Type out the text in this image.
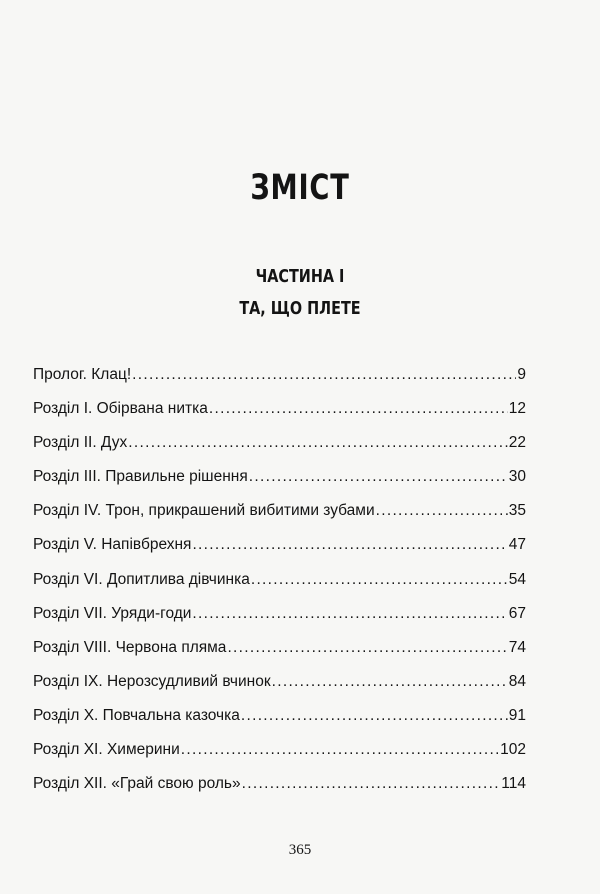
ЗМІСТ
ЧАСТИНА І
ТА, ЩО ПЛЕТЕ
Пролог. Клац! . . .	9
Розділ І. Обірвана нитка . . .	12
Розділ ІІ. Дух . . .	22
Розділ ІІІ. Правильне рішення . . .	30
Розділ IV. Трон, прикрашений вибитими зубами . . .	35
Розділ V. Напівбрехня . . .	47
Розділ VI. Допитлива дівчинка . . .	54
Розділ VII. Уряди-годи . . .	67
Розділ VIII. Червона пляма . . .	74
Розділ IX. Нерозсудливий вчинок . . .	84
Розділ X. Повчальна казочка . . .	91
Розділ XI. Химерини . . .	102
Розділ XII. «Грай свою роль» . . .	114
365
